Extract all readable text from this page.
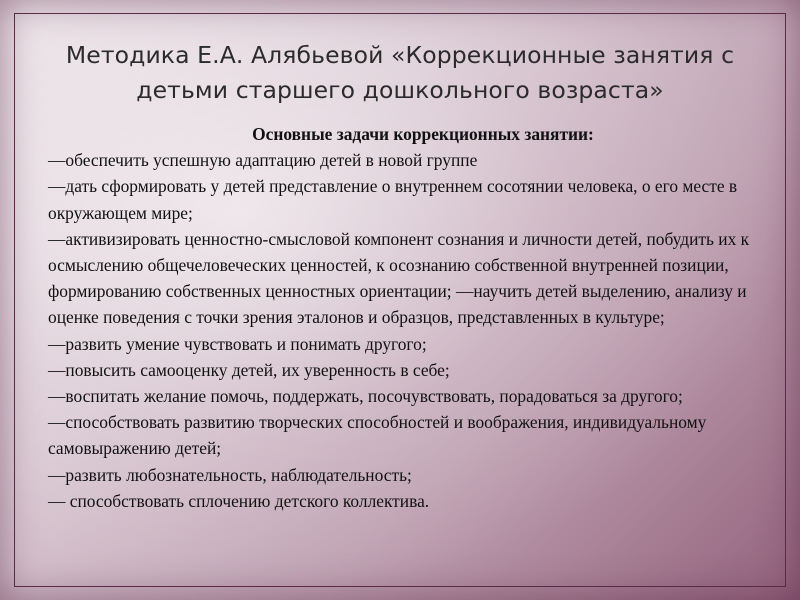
Методика Е.А. Алябьевой «Коррекционные занятия с детьми старшего дошкольного возраста»
Основные задачи коррекционных занятии:
—обеспечить успешную адаптацию детей в новой группе
—дать сформировать у детей представление о внутреннем сосотянии человека, о его месте в окружающем мире;
—активизировать ценностно-смысловой компонент сознания и личности детей, побудить их к осмыслению общечеловеческих ценностей, к осознанию собственной внутренней позиции, формированию собственных ценностных ориентации; —научить детей выделению, анализу и оценке поведения с точки зрения эталонов и образцов, представленных в культуре;
—развить умение чувствовать и понимать другого;
—повысить самооценку детей, их уверенность в себе;
—воспитать желание помочь, поддержать, посочувствовать, порадоваться за другого;
—способствовать развитию творческих способностей и воображения, индивидуальному самовыражению детей;
—развить любознательность, наблюдательность;
— способствовать сплочению детского коллектива.
